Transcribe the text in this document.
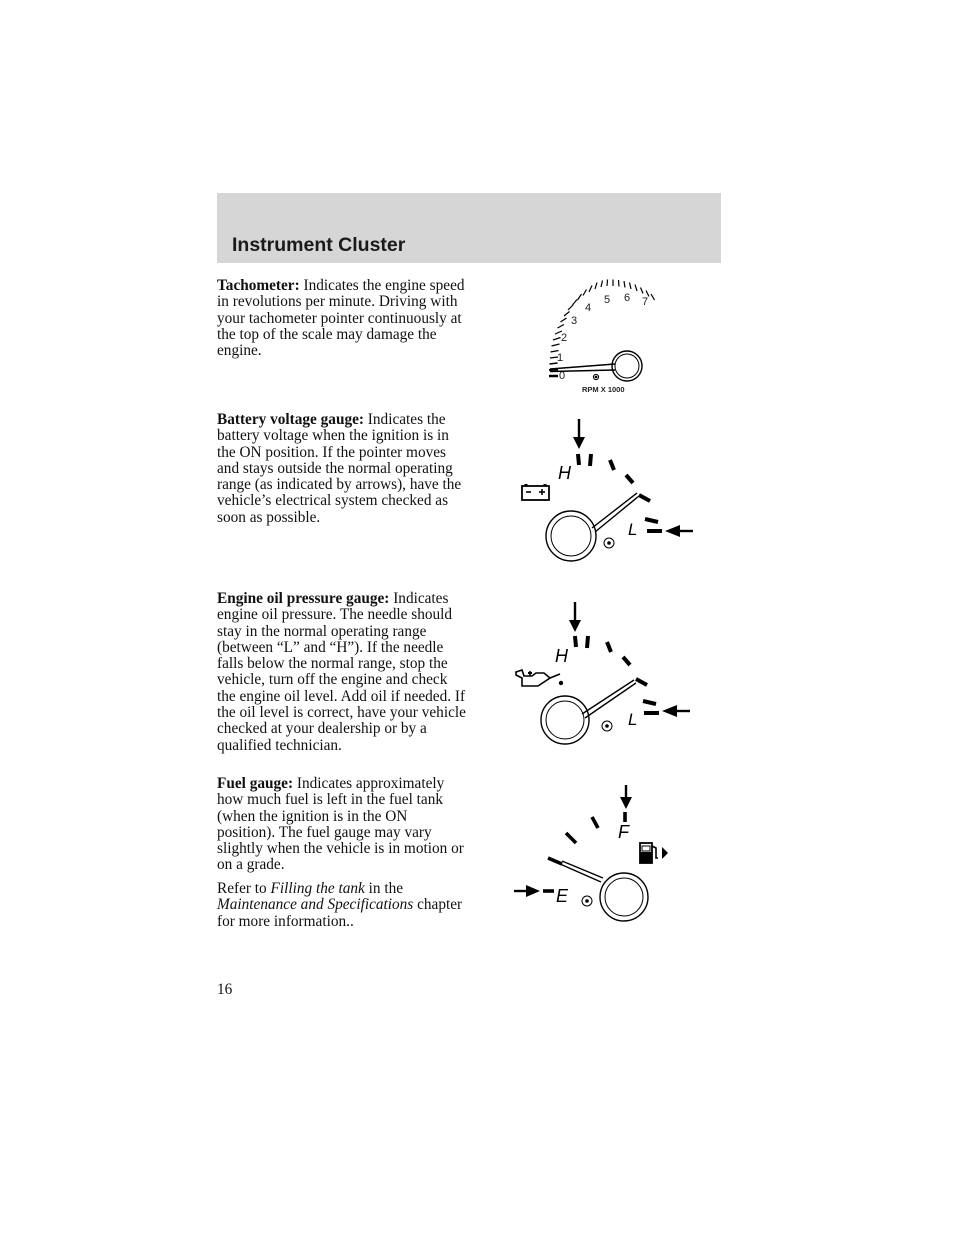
Instrument Cluster

Tachometer: Indicates the engine speed in revolutions per minute. Driving with your tachometer pointer continuously at the top of the scale may damage the engine.

0
1
2
3
4
5 6 7
RPM X 1000

Battery voltage gauge: Indicates the battery voltage when the ignition is in the ON position. If the pointer moves and stays outside the normal operating range (as indicated by arrows), have the vehicle’s electrical system checked as soon as possible.

H
L

Engine oil pressure gauge: Indicates engine oil pressure. The needle should stay in the normal operating range (between “L” and “H”). If the needle falls below the normal range, stop the vehicle, turn off the engine and check the engine oil level. Add oil if needed. If the oil level is correct, have your vehicle checked at your dealership or by a qualified technician.

H
L

Fuel gauge: Indicates approximately how much fuel is left in the fuel tank (when the ignition is in the ON position). The fuel gauge may vary slightly when the vehicle is in motion or on a grade.

Refer to Filling the tank in the Maintenance and Specifications chapter for more information..

F
E
16
